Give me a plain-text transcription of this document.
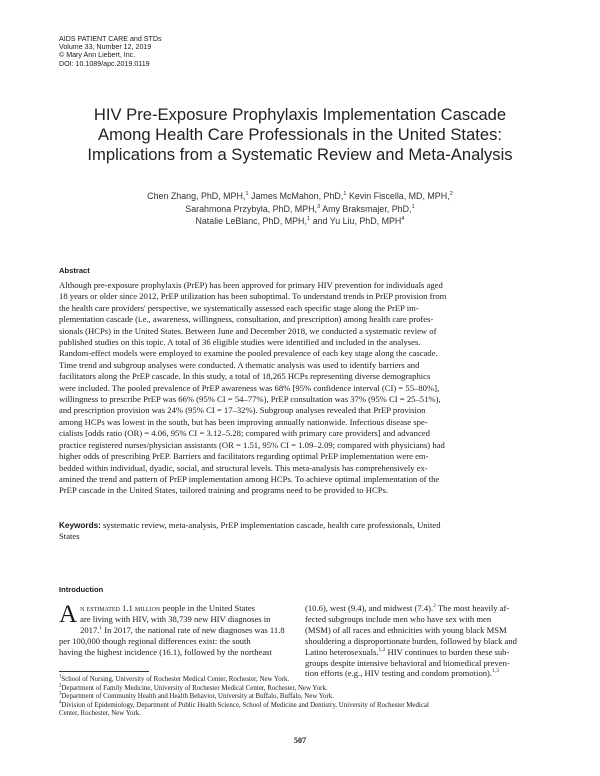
AIDS PATIENT CARE and STDs
Volume 33, Number 12, 2019
© Mary Ann Liebert, Inc.
DOI: 10.1089/apc.2019.0119
HIV Pre-Exposure Prophylaxis Implementation Cascade
Among Health Care Professionals in the United States:
Implications from a Systematic Review and Meta-Analysis
Chen Zhang, PhD, MPH,$^1$ James McMahon, PhD,$^1$ Kevin Fiscella, MD, MPH,$^2$
Sarahmona Przybyla, PhD, MPH,$^3$ Amy Braksmajer, PhD,$^1$
Natalie LeBlanc, PhD, MPH,$^1$ and Yu Liu, PhD, MPH$^4$
Abstract
Although pre-exposure prophylaxis (PrEP) has been approved for primary HIV prevention for individuals aged
18 years or older since 2012, PrEP utilization has been suboptimal. To understand trends in PrEP provision from
the health care providers' perspective, we systematically assessed each specific stage along the PrEP im-
plementation cascade (i.e., awareness, willingness, consultation, and prescription) among health care profes-
sionals (HCPs) in the United States. Between June and December 2018, we conducted a systematic review of
published studies on this topic. A total of 36 eligible studies were identified and included in the analyses.
Random-effect models were employed to examine the pooled prevalence of each key stage along the cascade.
Time trend and subgroup analyses were conducted. A thematic analysis was used to identify barriers and
facilitators along the PrEP cascade. In this study, a total of 18,265 HCPs representing diverse demographics
were included. The pooled prevalence of PrEP awareness was 68% [95% confidence interval (CI) = 55–80%],
willingness to prescribe PrEP was 66% (95% CI = 54–77%), PrEP consultation was 37% (95% CI = 25–51%),
and prescription provision was 24% (95% CI = 17–32%). Subgroup analyses revealed that PrEP provision
among HCPs was lowest in the south, but has been improving annually nationwide. Infectious disease spe-
cialists [odds ratio (OR) = 4.06, 95% CI = 3.12–5.28; compared with primary care providers] and advanced
practice registered nurses/physician assistants (OR = 1.51, 95% CI = 1.09–2.09; compared with physicians) had
higher odds of prescribing PrEP. Barriers and facilitators regarding optimal PrEP implementation were em-
bedded within individual, dyadic, social, and structural levels. This meta-analysis has comprehensively ex-
amined the trend and pattern of PrEP implementation among HCPs. To achieve optimal implementation of the
PrEP cascade in the United States, tailored training and programs need to be provided to HCPs.
Keywords: systematic review, meta-analysis, PrEP implementation cascade, health care professionals, United
States
Introduction
An estimated 1.1 million people in the United States
are living with HIV, with 38,739 new HIV diagnoses in
2017.$^1$ In 2017, the national rate of new diagnoses was 11.8
per 100,000 though regional differences exist: the south
having the highest incidence (16.1), followed by the northeast
(10.6), west (9.4), and midwest (7.4).$^2$ The most heavily af-
fected subgroups include men who have sex with men
(MSM) of all races and ethnicities with young black MSM
shouldering a disproportionate burden, followed by black and
Latino heterosexuals.$^{1,2}$ HIV continues to burden these sub-
groups despite intensive behavioral and biomedical preven-
tion efforts (e.g., HIV testing and condom promotion).$^{1,3}$
$^1$School of Nursing, University of Rochester Medical Center, Rochester, New York.
$^2$Department of Family Medicine, University of Rochester Medical Center, Rochester, New York.
$^3$Department of Community Health and Health Behavior, University at Buffalo, Buffalo, New York.
$^4$Division of Epidemiology, Department of Public Health Science, School of Medicine and Dentistry, University of Rochester Medical
Center, Rochester, New York.
507
